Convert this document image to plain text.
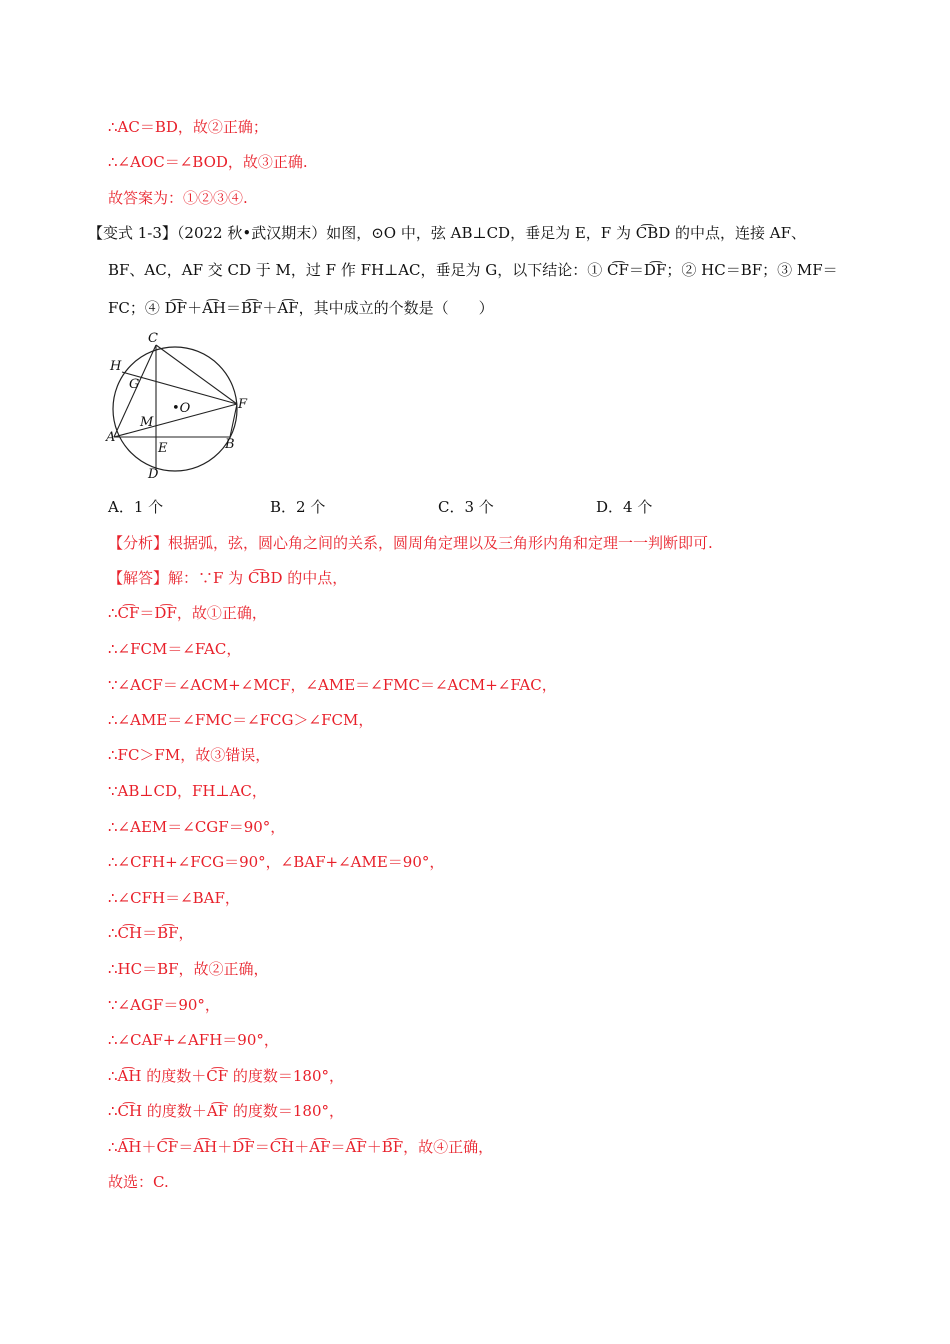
∴AC＝BD，故②正确；
∴∠AOC＝∠BOD，故③正确.
故答案为：①②③④.
【变式 1-3】（2022 秋•武汉期末）如图，⊙O 中，弦 AB⊥CD，垂足为 E，F 为 C͡BD 的中点，连接 AF、
BF、AC，AF 交 CD 于 M，过 F 作 FH⊥AC，垂足为 G，以下结论：① C͡F＝D͡F；② HC＝BF；③ MF＝
FC；④ D͡F＋A͡H＝B͡F＋A͡F，其中成立的个数是（　　）
C
H
G
•O	F
M
A
E	B
D
A．1 个	B．2 个	C．3 个	D．4 个
【分析】根据弧，弦，圆心角之间的关系，圆周角定理以及三角形内角和定理一一判断即可.
【解答】解：∵F 为 C͡BD 的中点，
∴C͡F＝D͡F，故①正确，
∴∠FCM＝∠FAC，
∵∠ACF＝∠ACM+∠MCF，∠AME＝∠FMC＝∠ACM+∠FAC，
∴∠AME＝∠FMC＝∠FCG＞∠FCM，
∴FC＞FM，故③错误，
∵AB⊥CD，FH⊥AC，
∴∠AEM＝∠CGF＝90°，
∴∠CFH+∠FCG＝90°，∠BAF+∠AME＝90°，
∴∠CFH＝∠BAF，
∴C͡H＝B͡F，
∴HC＝BF，故②正确，
∵∠AGF＝90°，
∴∠CAF+∠AFH＝90°，
∴A͡H 的度数＋C͡F 的度数＝180°，
∴C͡H 的度数＋A͡F 的度数＝180°，
∴A͡H＋C͡F＝A͡H＋D͡F＝C͡H＋A͡F＝A͡F＋B͡F，故④正确，
故选：C.
